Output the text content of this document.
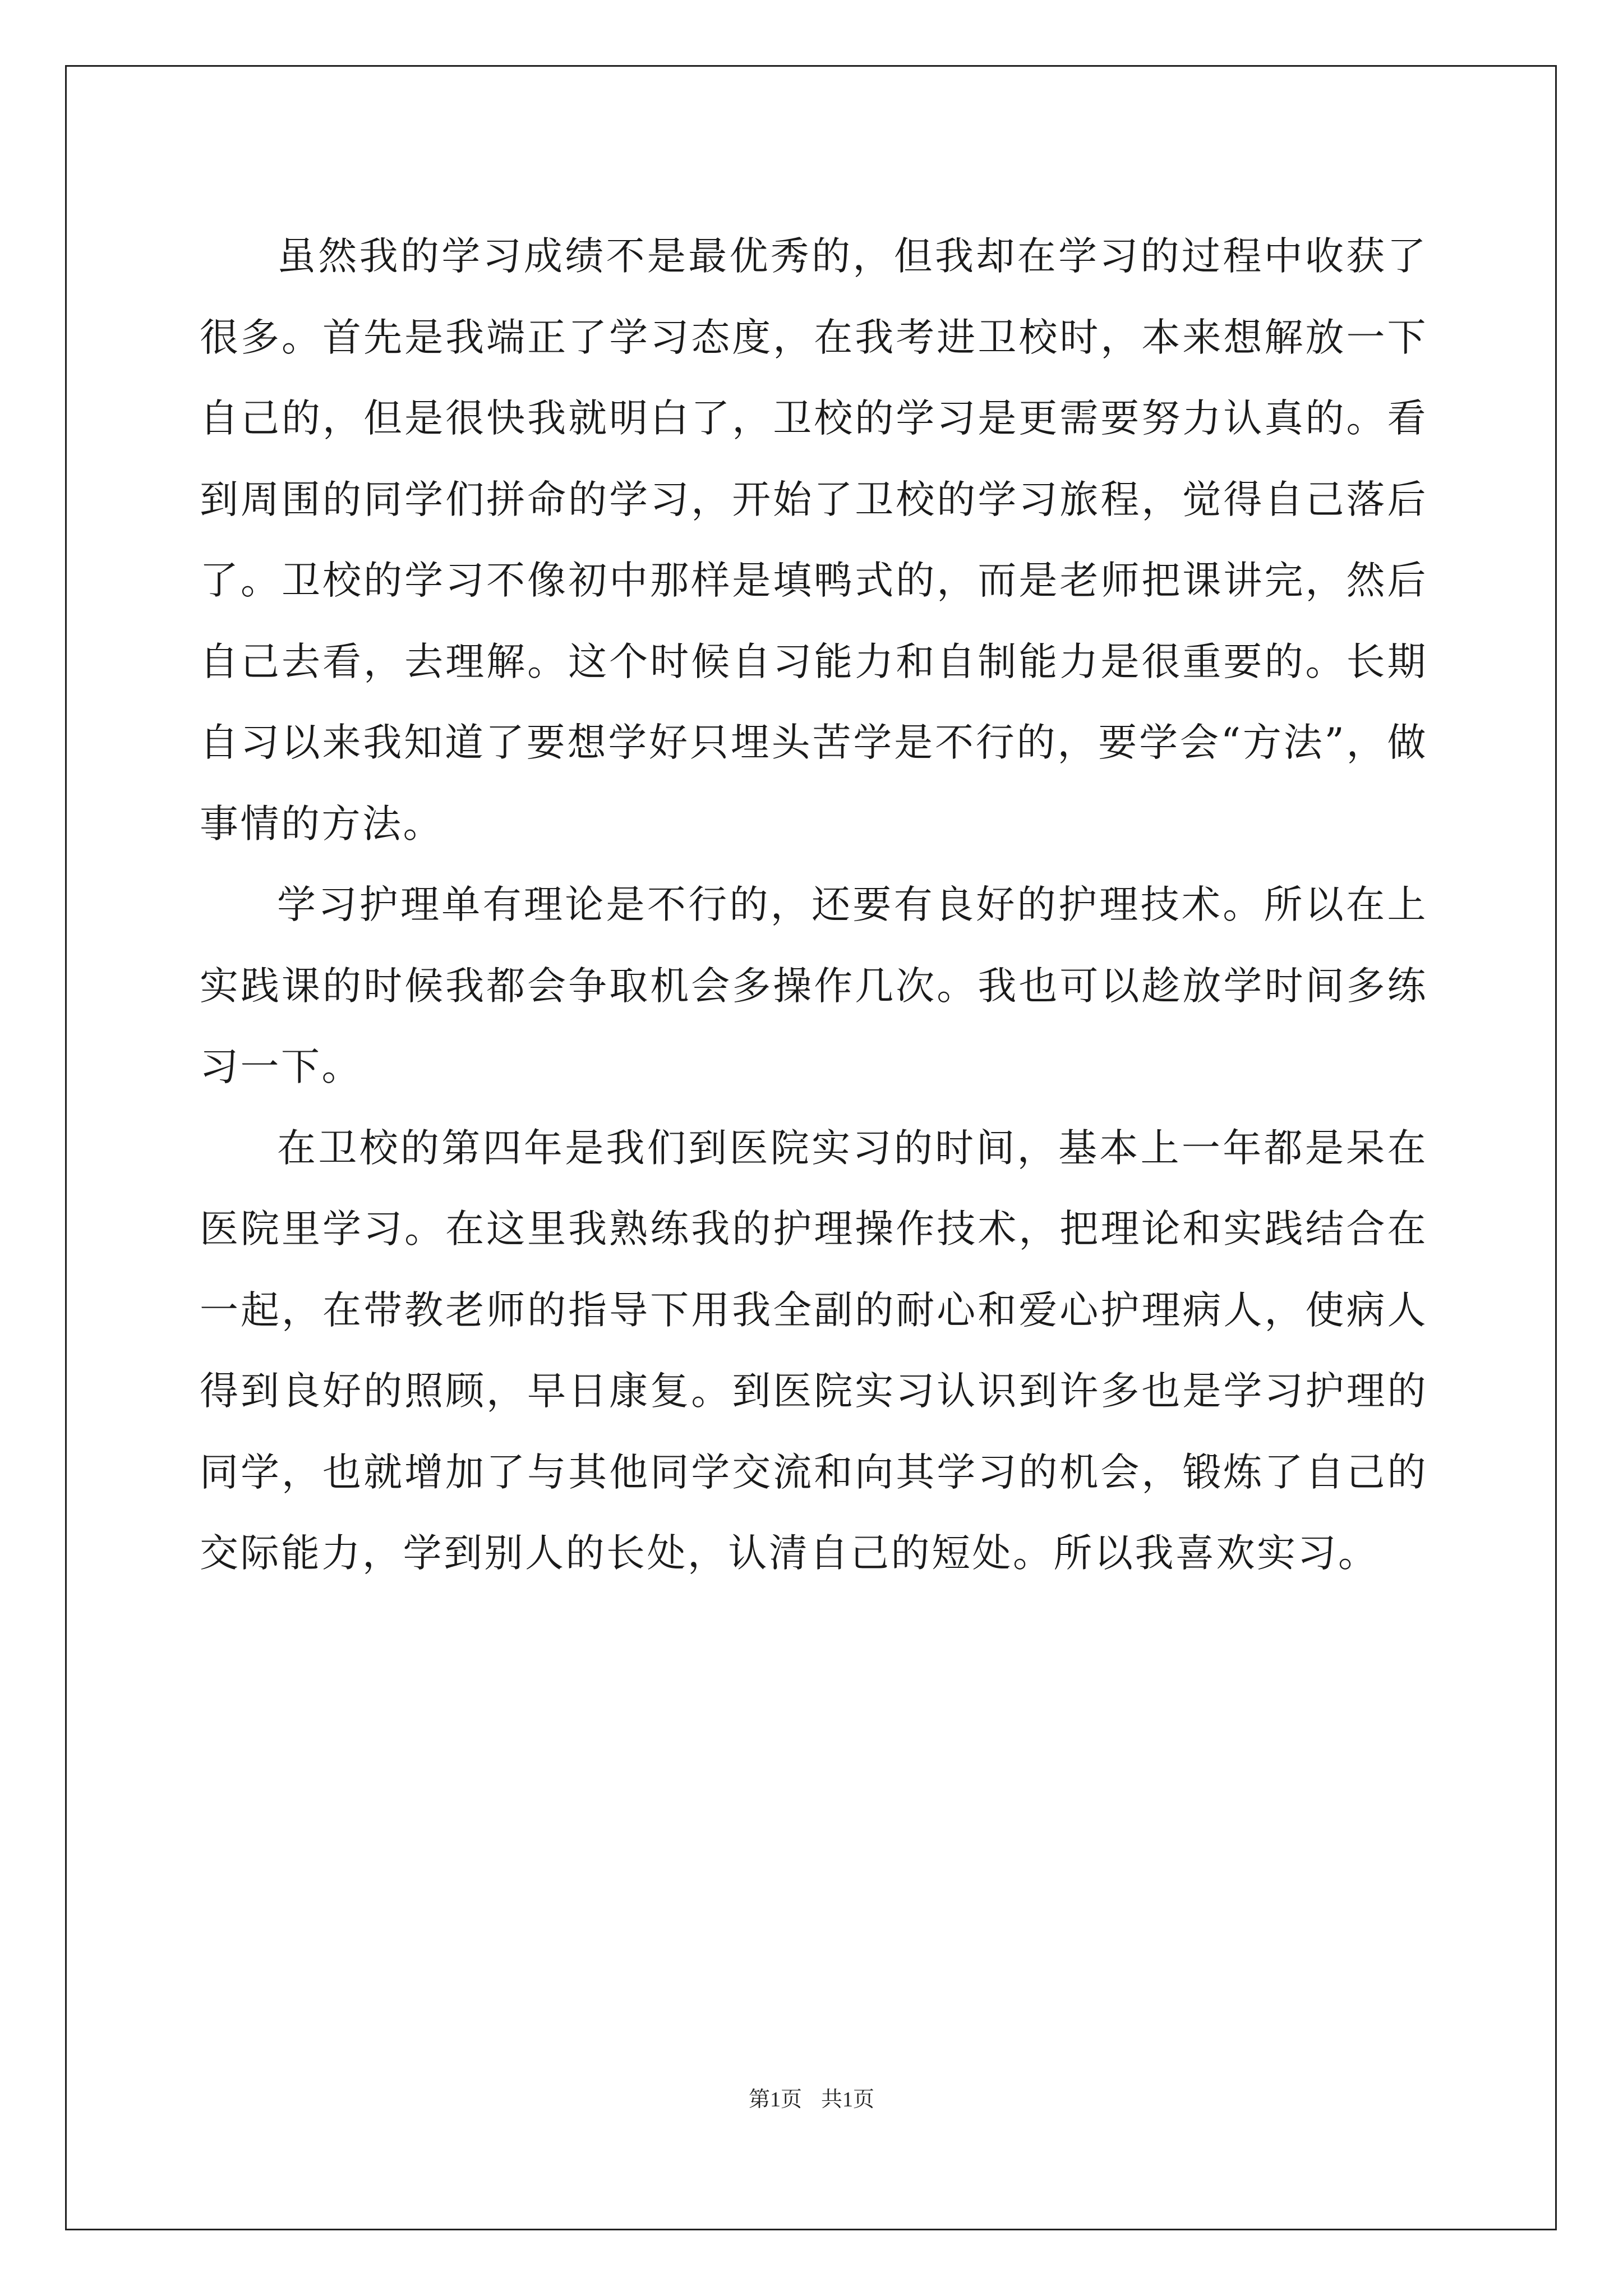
虽然我的学习成绩不是最优秀的，但我却在学习的过程中收获了很多。首先是我端正了学习态度，在我考进卫校时，本来想解放一下自己的，但是很快我就明白了，卫校的学习是更需要努力认真的。看到周围的同学们拼命的学习，开始了卫校的学习旅程，觉得自己落后了。卫校的学习不像初中那样是填鸭式的，而是老师把课讲完，然后自己去看，去理解。这个时候自习能力和自制能力是很重要的。长期自习以来我知道了要想学好只埋头苦学是不行的，要学会“方法”，做事情的方法。

学习护理单有理论是不行的，还要有良好的护理技术。所以在上实践课的时候我都会争取机会多操作几次。我也可以趁放学时间多练习一下。

在卫校的第四年是我们到医院实习的时间，基本上一年都是呆在医院里学习。在这里我熟练我的护理操作技术，把理论和实践结合在一起，在带教老师的指导下用我全副的耐心和爱心护理病人，使病人得到良好的照顾，早日康复。到医院实习认识到许多也是学习护理的同学，也就增加了与其他同学交流和向其学习的机会，锻炼了自己的交际能力，学到别人的长处，认清自己的短处。所以我喜欢实习。

第1页 共1页
